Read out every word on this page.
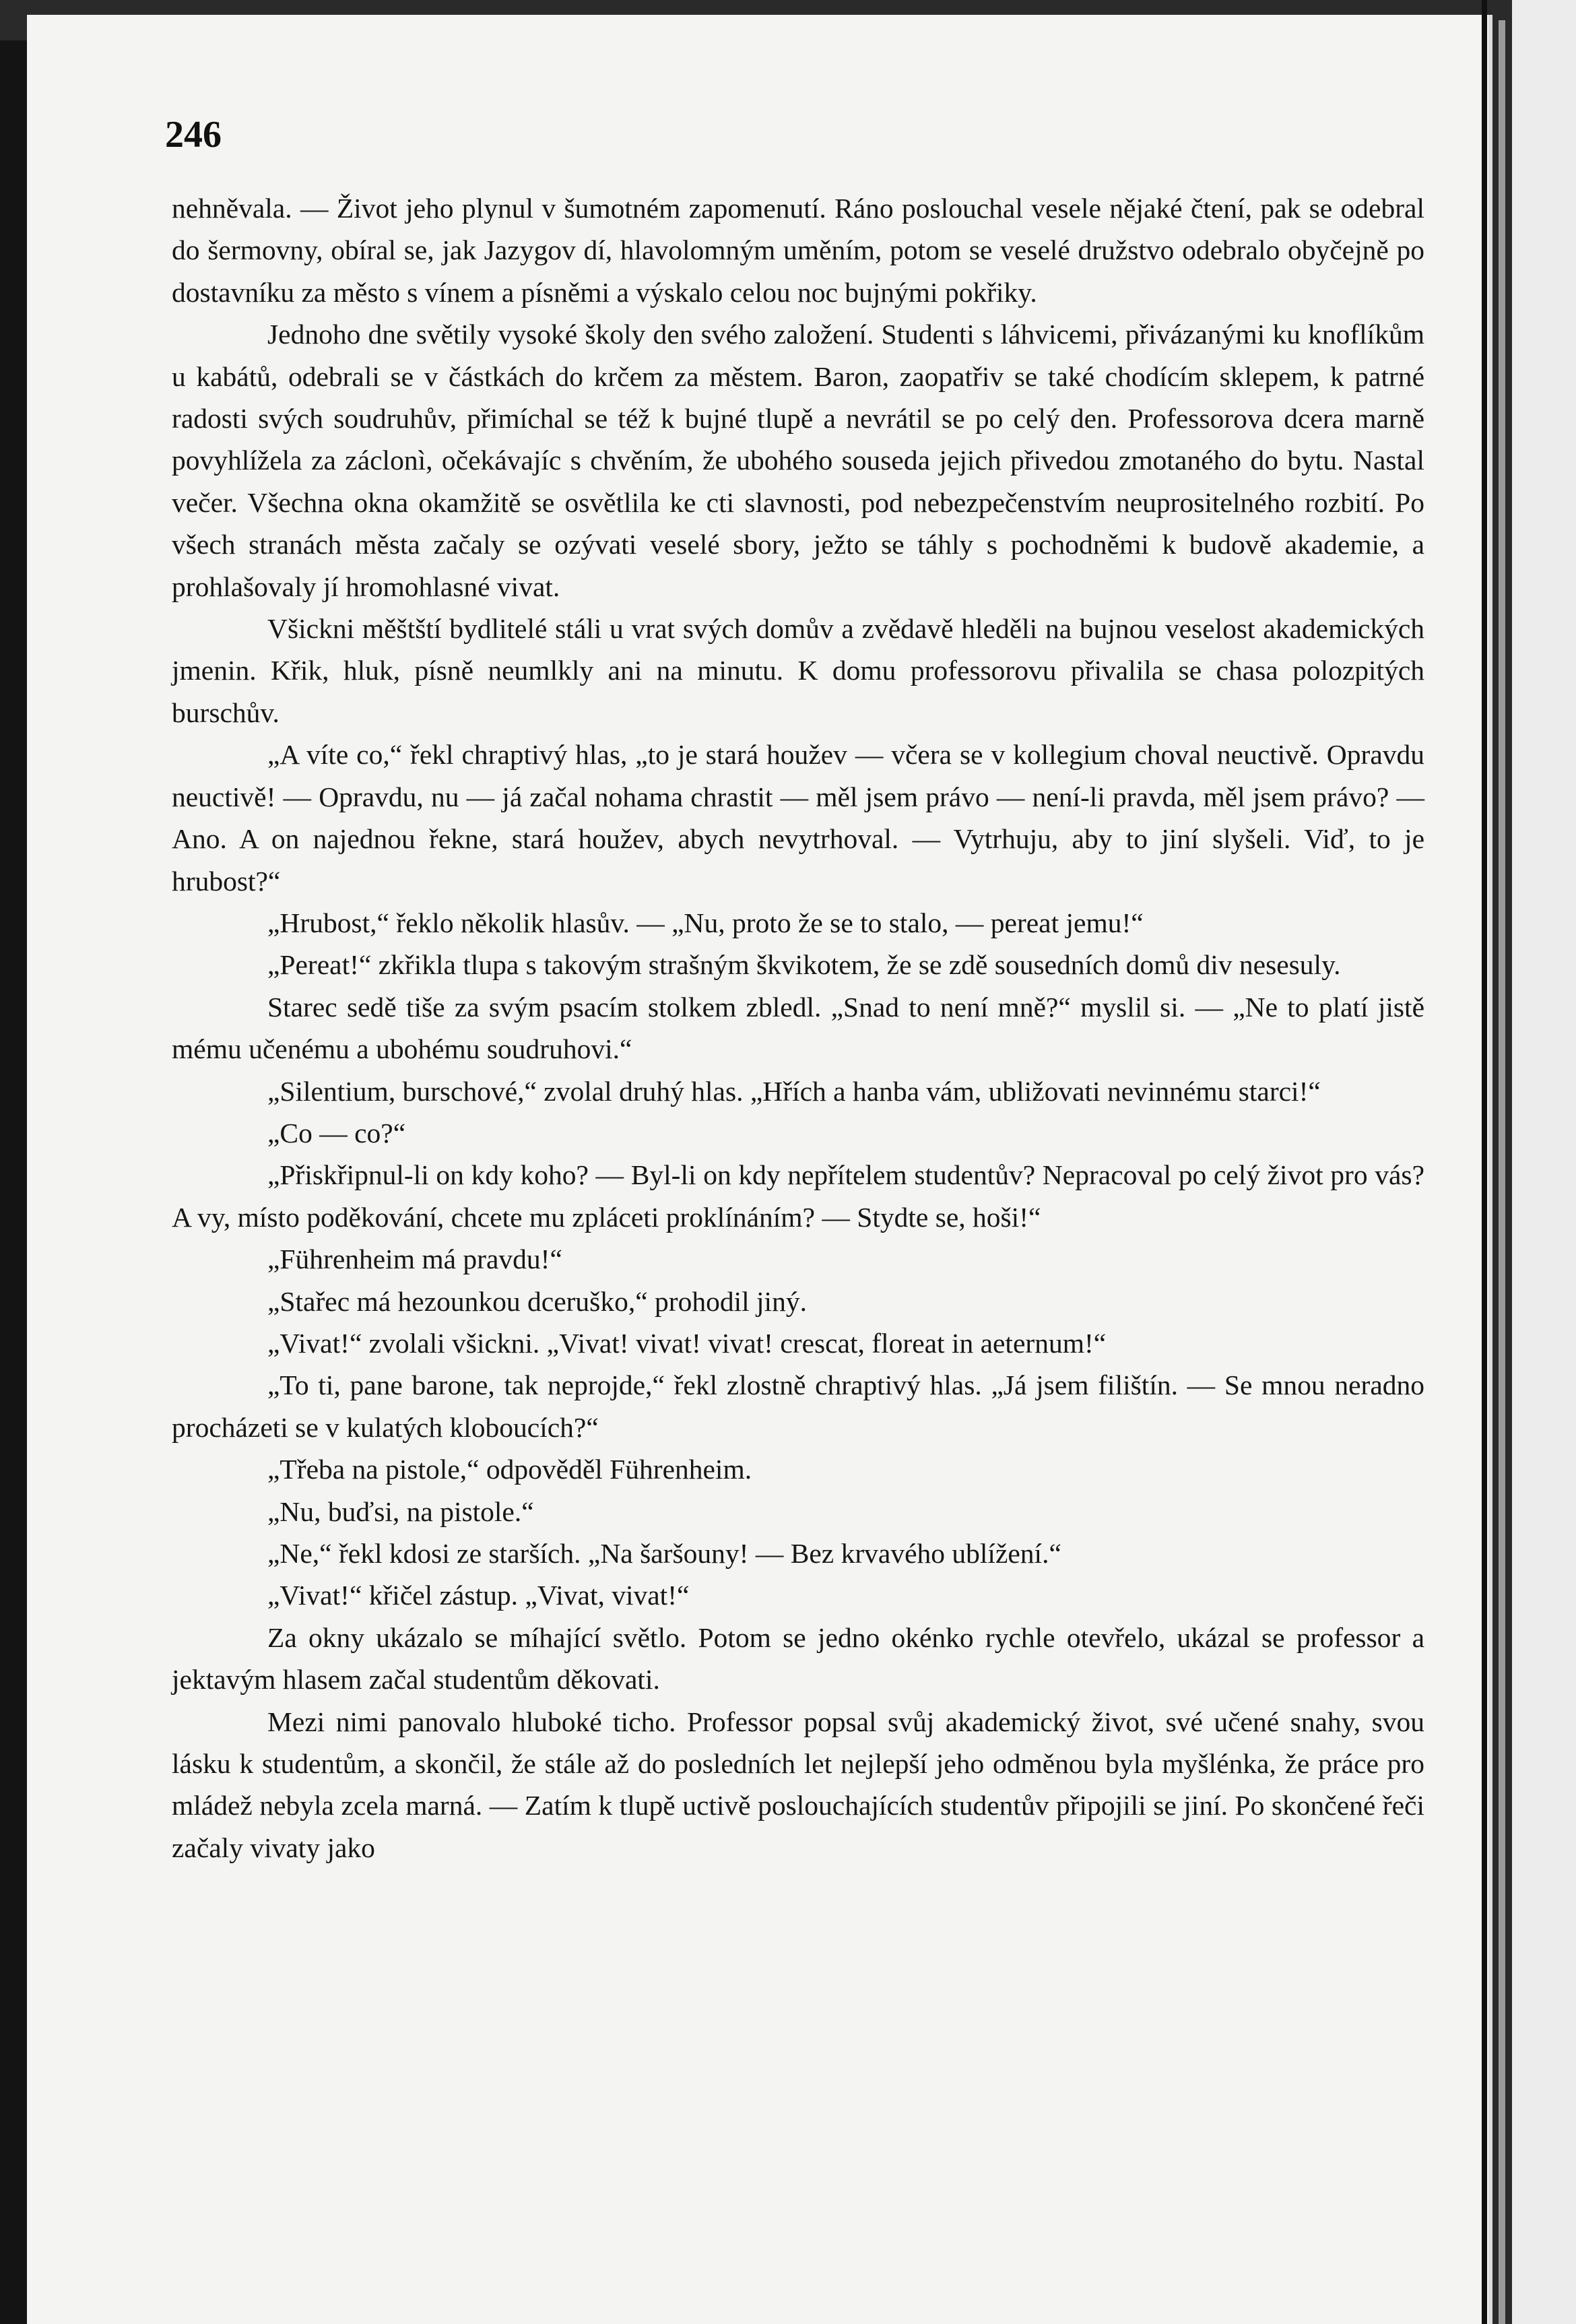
246

nehněvala. — Život jeho plynul v šumotném zapomenutí. Ráno poslouchal vesele nějaké čtení, pak se odebral do šermovny, obíral se, jak Jazygov dí, hlavolomným uměním, potom se veselé družstvo odebralo obyčejně po dostavníku za město s vínem a písněmi a výskalo celou noc bujnými pokřiky.

Jednoho dne světily vysoké školy den svého založení. Studenti s láhvicemi, přivázanými ku knoflíkům u kabátů, odebrali se v částkách do krčem za městem. Baron, zaopatřiv se také chodícím sklepem, k patrné radosti svých soudruhův, přimíchal se též k bujné tlupě a nevrátil se po celý den. Professorova dcera marně povyhlížela za záclonì, očekávajíc s chvěním, že ubohého souseda jejich přivedou zmotaného do bytu. Nastal večer. Všechna okna okamžitě se osvětlila ke cti slavnosti, pod nebezpečenstvím neuprositelného rozbití. Po všech stranách města začaly se ozývati veselé sbory, ježto se táhly s pochodněmi k budově akademie, a prohlašovaly jí hromohlasné vivat.

Všickni měštští bydlitelé stáli u vrat svých domův a zvědavě hleděli na bujnou veselost akademických jmenin. Křik, hluk, písně neumlkly ani na minutu. K domu professorovu přivalila se chasa polozpitých burschův.

„A víte co,“ řekl chraptivý hlas, „to je stará houžev — včera se v kollegium choval neuctivě. Opravdu neuctivě! — Opravdu, nu — já začal nohama chrastit — měl jsem právo — není-li pravda, měl jsem právo? — Ano. A on najednou řekne, stará houžev, abych nevytrhoval. — Vytrhuju, aby to jiní slyšeli. Viď, to je hrubost?“

„Hrubost,“ řeklo několik hlasův. — „Nu, proto že se to stalo, — pereat jemu!“

„Pereat!“ zkřikla tlupa s takovým strašným škvikotem, že se zdě sousedních domů div nesesuly.

Starec sedě tiše za svým psacím stolkem zbledl. „Snad to není mně?“ myslil si. — „Ne to platí jistě mému učenému a ubohému soudruhovi.“

„Silentium, burschové,“ zvolal druhý hlas. „Hřích a hanba vám, ubližovati nevinnému starci!“

„Co — co?“

„Přiskřipnul-li on kdy koho? — Byl-li on kdy nepřítelem studentův? Nepracoval po celý život pro vás? A vy, místo poděkování, chcete mu zpláceti proklínáním? — Stydte se, hoši!“

„Führenheim má pravdu!“

„Stařec má hezounkou dceruško,“ prohodil jiný.

„Vivat!“ zvolali všickni. „Vivat! vivat! vivat! crescat, floreat in aeternum!“

„To ti, pane barone, tak neprojde,“ řekl zlostně chraptivý hlas. „Já jsem filištín. — Se mnou neradno procházeti se v kulatých kloboucích?“

„Třeba na pistole,“ odpověděl Führenheim.

„Nu, buďsi, na pistole.“

„Ne,“ řekl kdosi ze starších. „Na šaršouny! — Bez krvavého ublížení.“

„Vivat!“ křičel zástup. „Vivat, vivat!“

Za okny ukázalo se míhající světlo. Potom se jedno okénko rychle otevřelo, ukázal se professor a jektavým hlasem začal studentům děkovati.

Mezi nimi panovalo hluboké ticho. Professor popsal svůj akademický život, své učené snahy, svou lásku k studentům, a skončil, že stále až do posledních let nejlepší jeho odměnou byla myšlénka, že práce pro mládež nebyla zcela marná. — Zatím k tlupě uctivě poslouchajících studentův připojili se jiní. Po skončené řeči začaly vivaty jako
